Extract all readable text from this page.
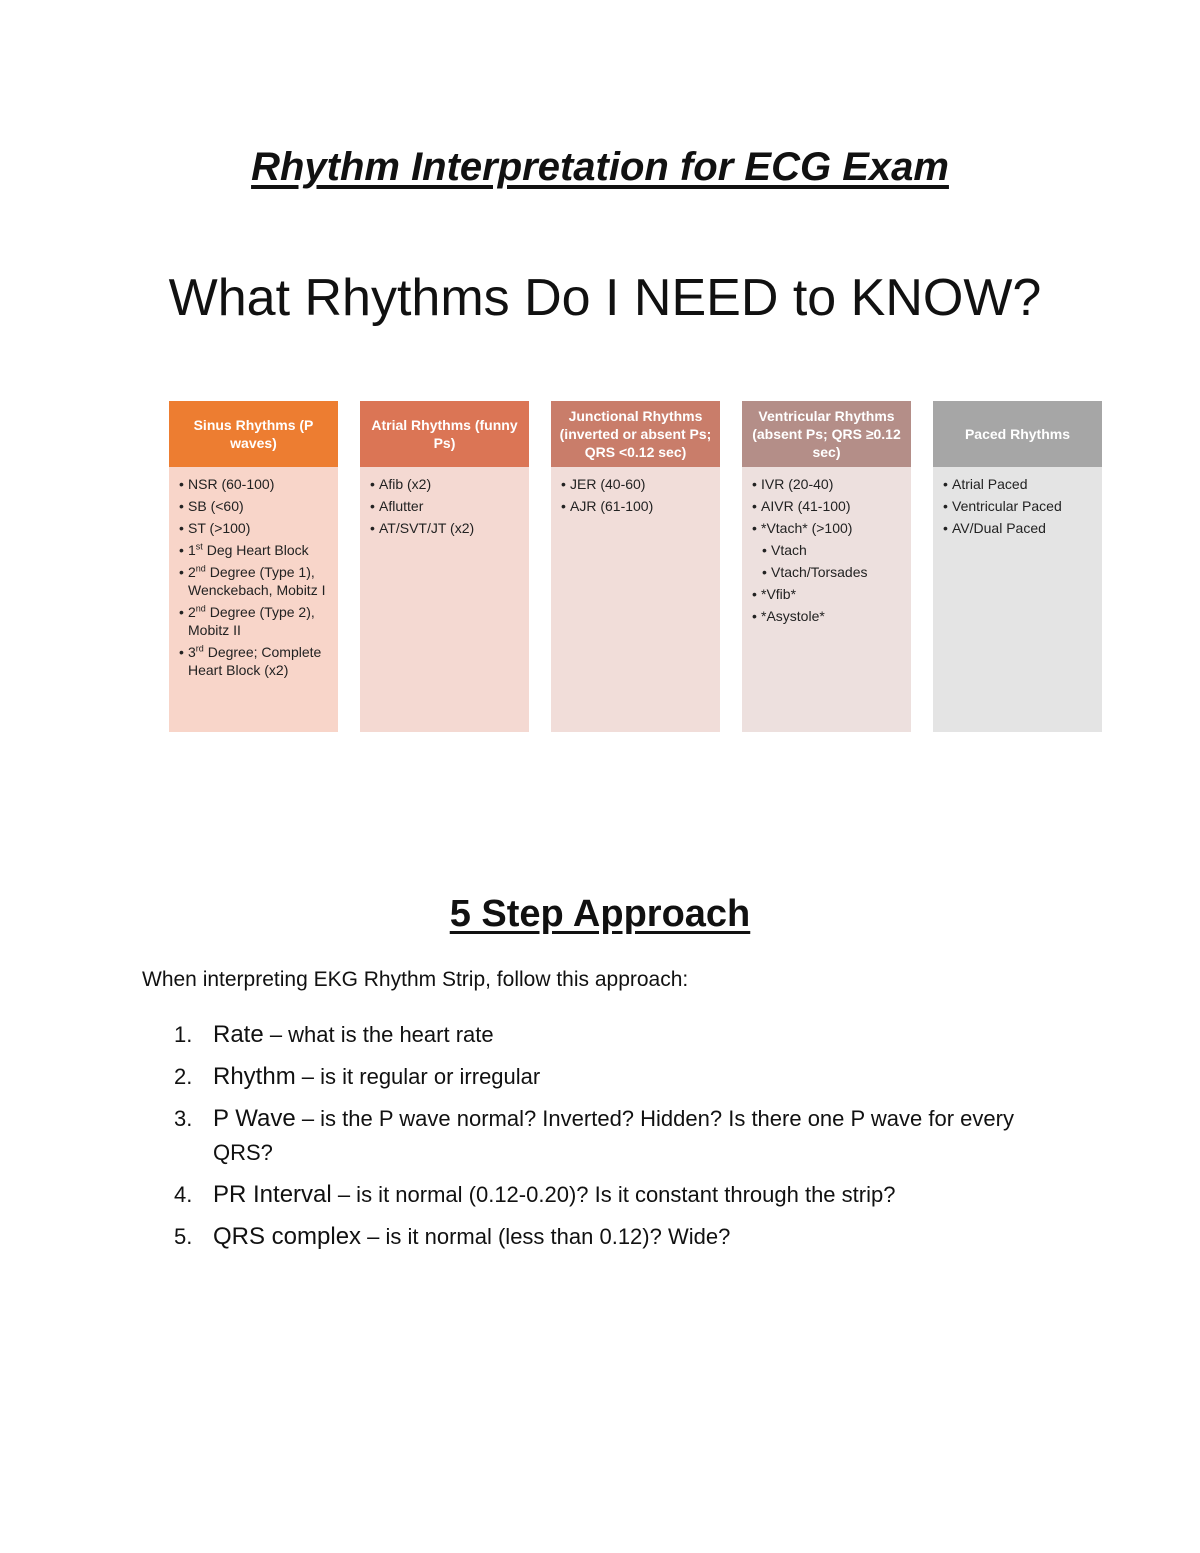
Rhythm Interpretation for ECG Exam
What Rhythms Do I NEED to KNOW?
Sinus Rhythms (P waves)
• NSR (60-100)
• SB (<60)
• ST (>100)
• 1st Deg Heart Block
• 2nd Degree (Type 1), Wenckebach, Mobitz I
• 2nd Degree (Type 2), Mobitz II
• 3rd Degree; Complete Heart Block (x2)
Atrial Rhythms (funny Ps)
• Afib (x2)
• Aflutter
• AT/SVT/JT (x2)
Junctional Rhythms (inverted or absent Ps; QRS <0.12 sec)
• JER (40-60)
• AJR (61-100)
Ventricular Rhythms (absent Ps; QRS ≥0.12 sec)
• IVR (20-40)
• AIVR (41-100)
• *Vtach* (>100)
• Vtach
• Vtach/Torsades
• *Vfib*
• *Asystole*
Paced Rhythms
• Atrial Paced
• Ventricular Paced
• AV/Dual Paced
5 Step Approach

When interpreting EKG Rhythm Strip, follow this approach:

1. Rate – what is the heart rate
2. Rhythm – is it regular or irregular
3. P Wave – is the P wave normal? Inverted? Hidden? Is there one P wave for every QRS?
4. PR Interval – is it normal (0.12-0.20)? Is it constant through the strip?
5. QRS complex – is it normal (less than 0.12)? Wide?
